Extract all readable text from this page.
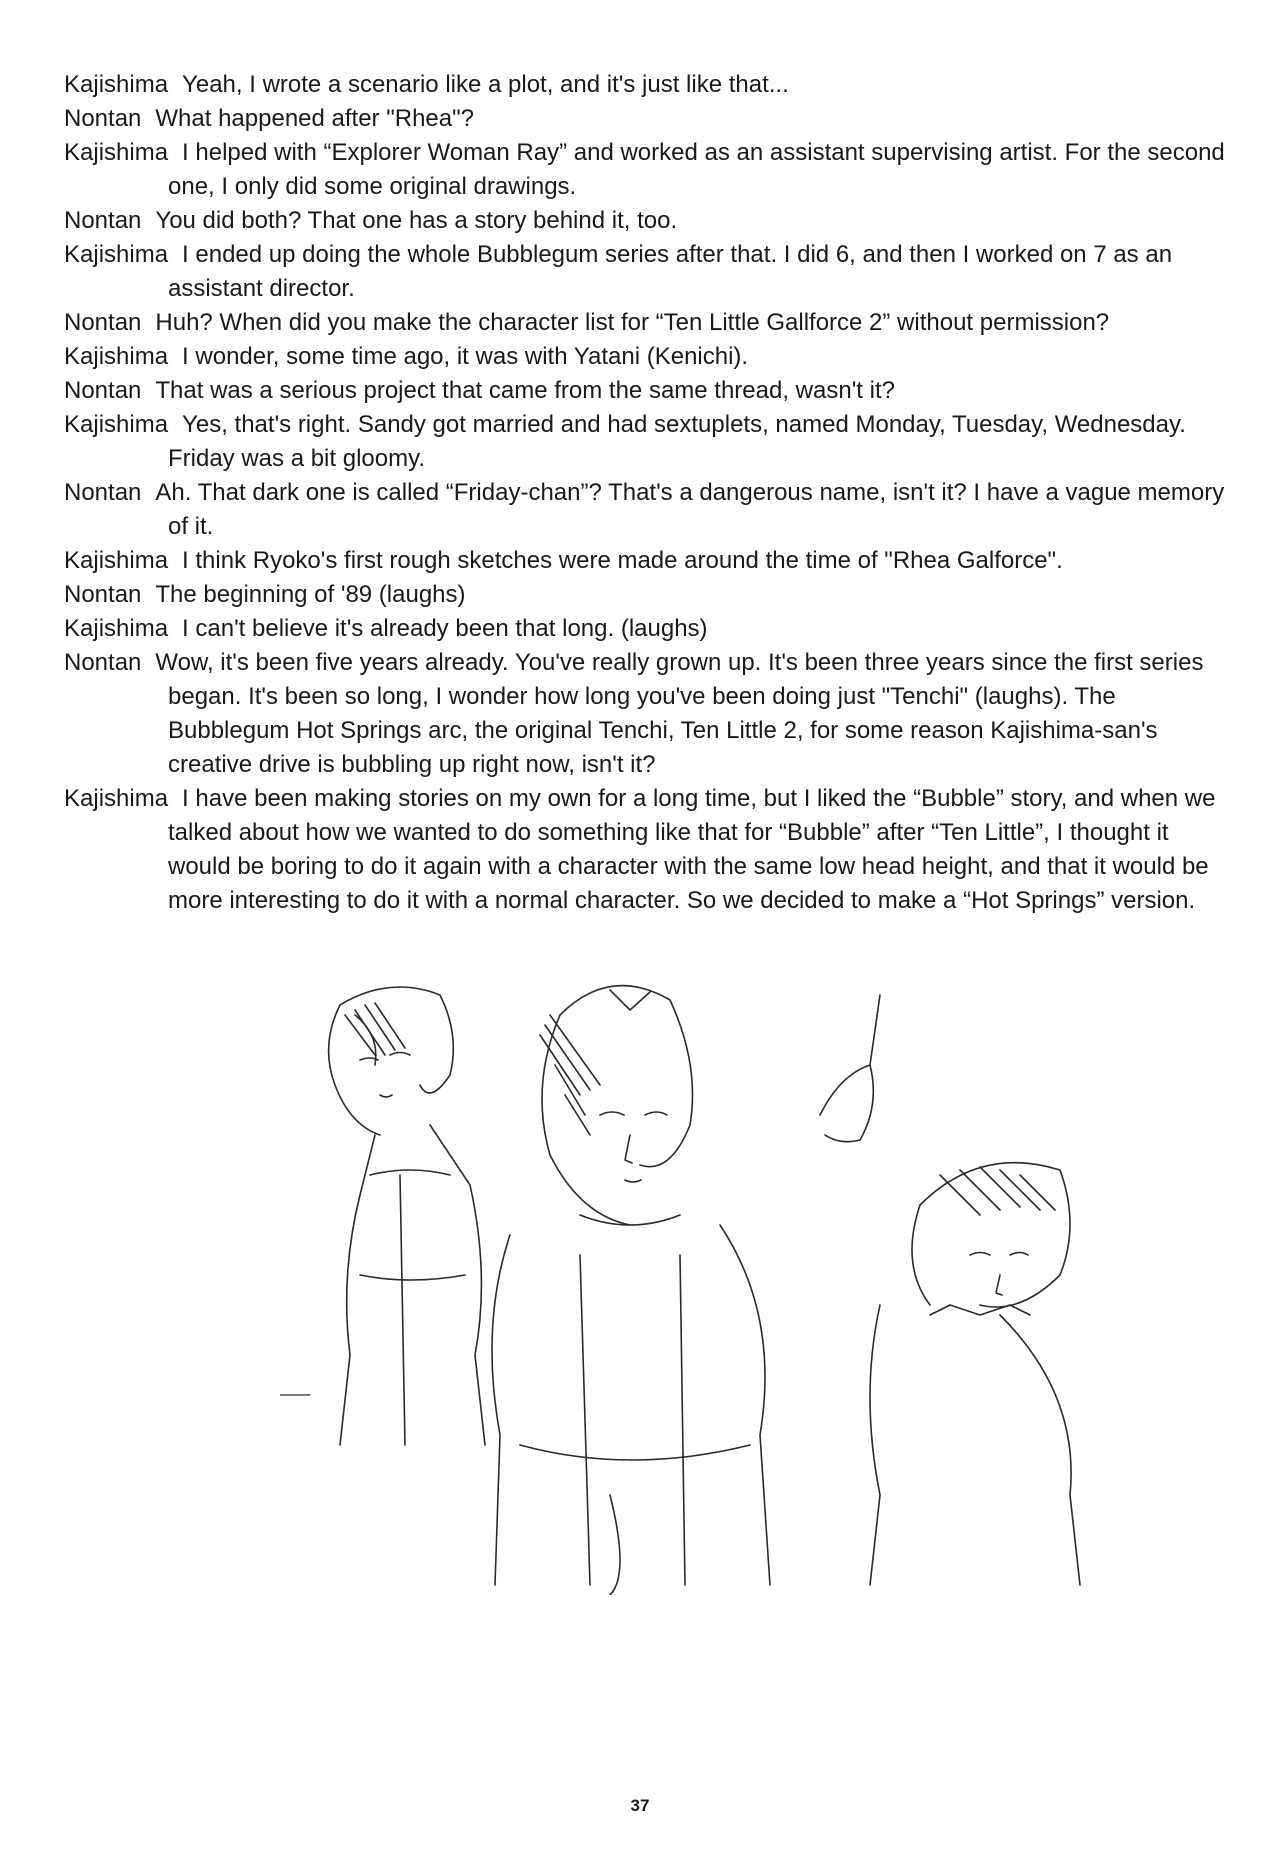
Kajishima Yeah, I wrote a scenario like a plot, and it's just like that...
Nontan What happened after "Rhea"?
Kajishima I helped with “Explorer Woman Ray” and worked as an assistant supervising artist. For the second one, I only did some original drawings.
Nontan You did both? That one has a story behind it, too.
Kajishima I ended up doing the whole Bubblegum series after that. I did 6, and then I worked on 7 as an assistant director.
Nontan Huh? When did you make the character list for “Ten Little Gallforce 2” without permission?
Kajishima I wonder, some time ago, it was with Yatani (Kenichi).
Nontan That was a serious project that came from the same thread, wasn't it?
Kajishima Yes, that's right. Sandy got married and had sextuplets, named Monday, Tuesday, Wednesday. Friday was a bit gloomy.
Nontan Ah. That dark one is called “Friday-chan”? That's a dangerous name, isn't it? I have a vague memory of it.
Kajishima I think Ryoko's first rough sketches were made around the time of "Rhea Galforce".
Nontan The beginning of '89 (laughs)
Kajishima I can't believe it's already been that long. (laughs)
Nontan Wow, it's been five years already. You've really grown up. It's been three years since the first series began. It's been so long, I wonder how long you've been doing just "Tenchi" (laughs). The Bubblegum Hot Springs arc, the original Tenchi, Ten Little 2, for some reason Kajishima-san's creative drive is bubbling up right now, isn't it?
Kajishima I have been making stories on my own for a long time, but I liked the “Bubble” story, and when we talked about how we wanted to do something like that for “Bubble” after “Ten Little”, I thought it would be boring to do it again with a character with the same low head height, and that it would be more interesting to do it with a normal character. So we decided to make a “Hot Springs” version.
37
